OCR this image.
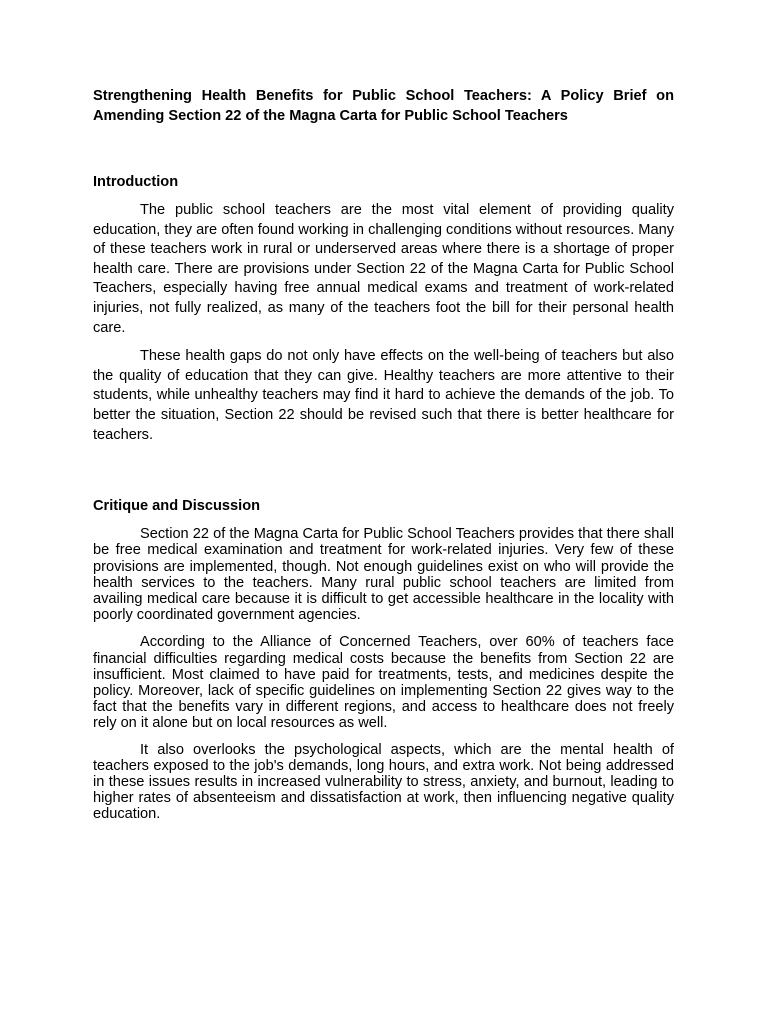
Strengthening Health Benefits for Public School Teachers: A Policy Brief on Amending Section 22 of the Magna Carta for Public School Teachers

Introduction

The public school teachers are the most vital element of providing quality education, they are often found working in challenging conditions without resources. Many of these teachers work in rural or underserved areas where there is a shortage of proper health care. There are provisions under Section 22 of the Magna Carta for Public School Teachers, especially having free annual medical exams and treatment of work-related injuries, not fully realized, as many of the teachers foot the bill for their personal health care.

These health gaps do not only have effects on the well-being of teachers but also the quality of education that they can give. Healthy teachers are more attentive to their students, while unhealthy teachers may find it hard to achieve the demands of the job. To better the situation, Section 22 should be revised such that there is better healthcare for teachers.

Critique and Discussion

Section 22 of the Magna Carta for Public School Teachers provides that there shall be free medical examination and treatment for work-related injuries. Very few of these provisions are implemented, though. Not enough guidelines exist on who will provide the health services to the teachers. Many rural public school teachers are limited from availing medical care because it is difficult to get accessible healthcare in the locality with poorly coordinated government agencies.

According to the Alliance of Concerned Teachers, over 60% of teachers face financial difficulties regarding medical costs because the benefits from Section 22 are insufficient. Most claimed to have paid for treatments, tests, and medicines despite the policy. Moreover, lack of specific guidelines on implementing Section 22 gives way to the fact that the benefits vary in different regions, and access to healthcare does not freely rely on it alone but on local resources as well.

It also overlooks the psychological aspects, which are the mental health of teachers exposed to the job's demands, long hours, and extra work. Not being addressed in these issues results in increased vulnerability to stress, anxiety, and burnout, leading to higher rates of absenteeism and dissatisfaction at work, then influencing negative quality education.
